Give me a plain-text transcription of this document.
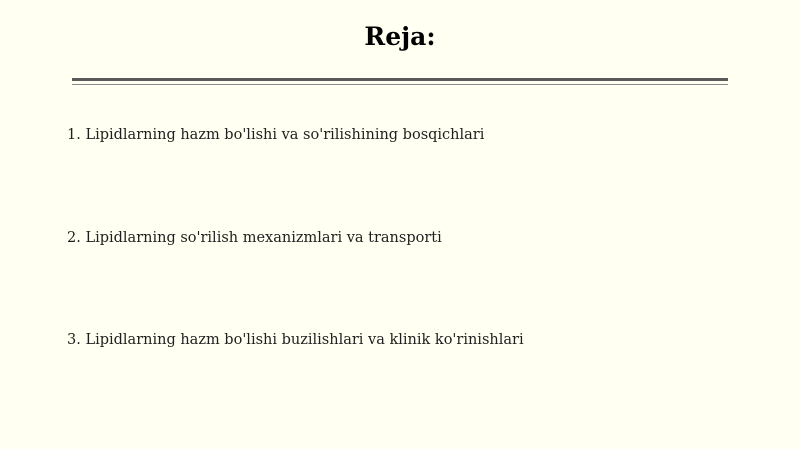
Reja:
1. Lipidlarning hazm bo'lishi va so'rilishining bosqichlari
2. Lipidlarning so'rilish mexanizmlari va transporti
3. Lipidlarning hazm bo'lishi buzilishlari va klinik ko'rinishlari
